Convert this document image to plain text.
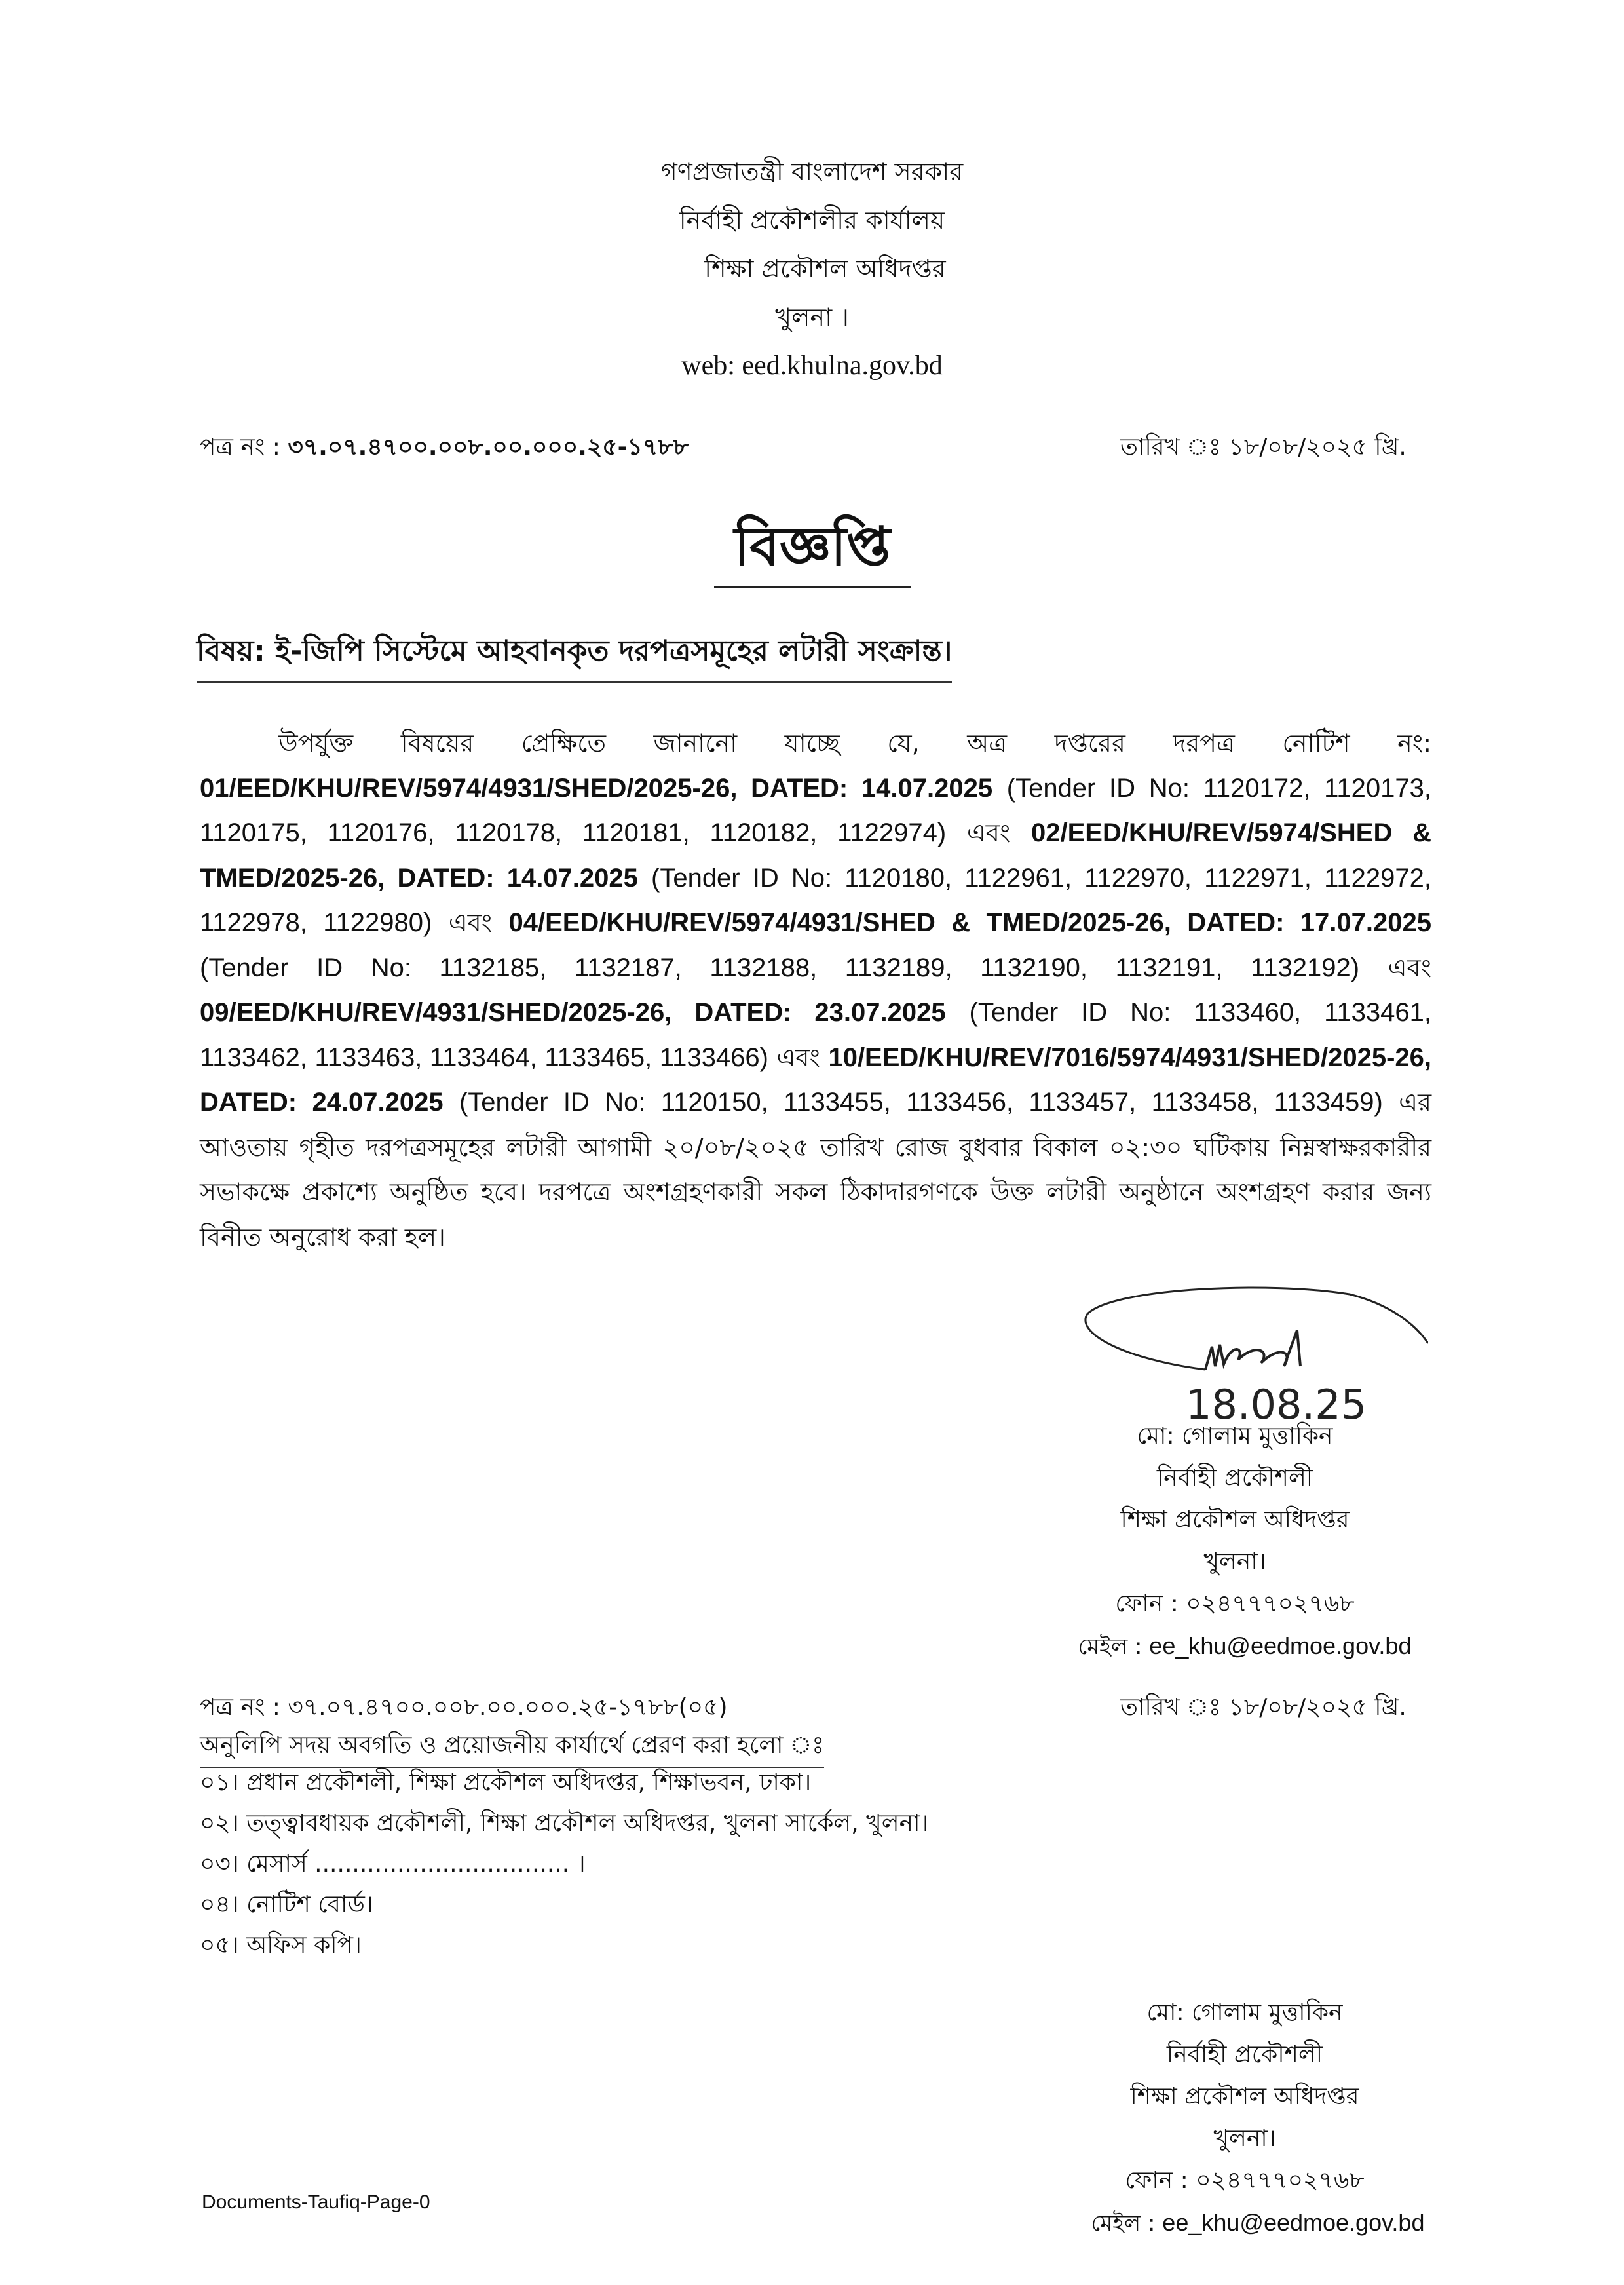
গণপ্রজাতন্ত্রী বাংলাদেশ সরকার
নির্বাহী প্রকৌশলীর কার্যালয়
শিক্ষা প্রকৌশল অধিদপ্তর
খুলনা ।
web: eed.khulna.gov.bd
পত্র নং : ৩৭.০৭.৪৭০০.০০৮.০০.০০০.২৫-১৭৮৮	তারিখ ঃ ১৮/০৮/২০২৫ খ্রি.
বিজ্ঞপ্তি
বিষয়: ই-জিপি সিস্টেমে আহবানকৃত দরপত্রসমূহের লটারী সংক্রান্ত।
উপর্যুক্ত বিষয়ের প্রেক্ষিতে জানানো যাচ্ছে যে, অত্র দপ্তরের দরপত্র নোটিশ নং: 01/EED/KHU/REV/5974/4931/SHED/2025-26, DATED: 14.07.2025 (Tender ID No: 1120172, 1120173, 1120175, 1120176, 1120178, 1120181, 1120182, 1122974) এবং 02/EED/KHU/REV/5974/SHED & TMED/2025-26, DATED: 14.07.2025 (Tender ID No: 1120180, 1122961, 1122970, 1122971, 1122972, 1122978, 1122980) এবং 04/EED/KHU/REV/5974/4931/SHED & TMED/2025-26, DATED: 17.07.2025 (Tender ID No: 1132185, 1132187, 1132188, 1132189, 1132190, 1132191, 1132192) এবং 09/EED/KHU/REV/4931/SHED/2025-26, DATED: 23.07.2025 (Tender ID No: 1133460, 1133461, 1133462, 1133463, 1133464, 1133465, 1133466) এবং 10/EED/KHU/REV/7016/5974/4931/SHED/2025-26, DATED: 24.07.2025 (Tender ID No: 1120150, 1133455, 1133456, 1133457, 1133458, 1133459) এর আওতায় গৃহীত দরপত্রসমূহের লটারী আগামী ২০/০৮/২০২৫ তারিখ রোজ বুধবার বিকাল ০২:৩০ ঘটিকায় নিম্নস্বাক্ষরকারীর সভাকক্ষে প্রকাশ্যে অনুষ্ঠিত হবে। দরপত্রে অংশগ্রহণকারী সকল ঠিকাদারগণকে উক্ত লটারী অনুষ্ঠানে অংশগ্রহণ করার জন্য বিনীত অনুরোধ করা হল।
18.08.25
মো: গোলাম মুত্তাকিন
নির্বাহী প্রকৌশলী
শিক্ষা প্রকৌশল অধিদপ্তর
খুলনা।
ফোন : ০২৪৭৭৭০২৭৬৮
মেইল : ee_khu@eedmoe.gov.bd
পত্র নং : ৩৭.০৭.৪৭০০.০০৮.০০.০০০.২৫-১৭৮৮(০৫)	তারিখ ঃ ১৮/০৮/২০২৫ খ্রি.
অনুলিপি সদয় অবগতি ও প্রয়োজনীয় কার্যার্থে প্রেরণ করা হলো ঃ
০১। প্রধান প্রকৌশলী, শিক্ষা প্রকৌশল অধিদপ্তর, শিক্ষাভবন, ঢাকা।
০২। তত্ত্বাবধায়ক প্রকৌশলী, শিক্ষা প্রকৌশল অধিদপ্তর, খুলনা সার্কেল, খুলনা।
০৩। মেসার্স .................................. ।
০৪। নোটিশ বোর্ড।
০৫। অফিস কপি।
মো: গোলাম মুত্তাকিন
নির্বাহী প্রকৌশলী
শিক্ষা প্রকৌশল অধিদপ্তর
খুলনা।
ফোন : ০২৪৭৭৭০২৭৬৮
মেইল : ee_khu@eedmoe.gov.bd
Documents-Taufiq-Page-0
